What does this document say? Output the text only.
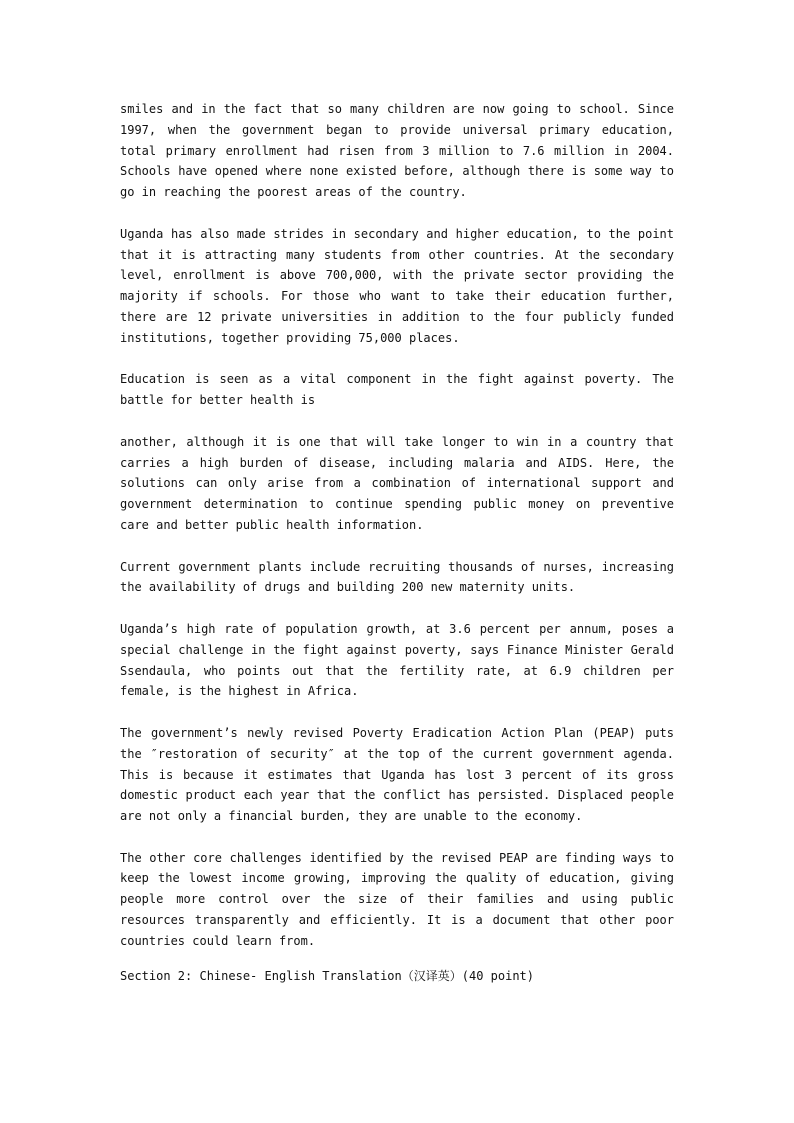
smiles and in the fact that so many children are now going to school. Since 1997, when the government began to provide universal primary education, total primary enrollment had risen from 3 million to 7.6 million in 2004. Schools have opened where none existed before, although there is some way to go in reaching the poorest areas of the country.

Uganda has also made strides in secondary and higher education, to the point that it is attracting many students from other countries. At the secondary level, enrollment is above 700,000, with the private sector providing the majority if schools. For those who want to take their education further, there are 12 private universities in addition to the four publicly funded institutions, together providing 75,000 places.

Education is seen as a vital component in the fight against poverty. The battle for better health is

another, although it is one that will take longer to win in a country that carries a high burden of disease, including malaria and AIDS. Here, the solutions can only arise from a combination of international support and government determination to continue spending public money on preventive care and better public health information.

Current government plants include recruiting thousands of nurses, increasing the availability of drugs and building 200 new maternity units.

Uganda’s high rate of population growth, at 3.6 percent per annum, poses a special challenge in the fight against poverty, says Finance Minister Gerald Ssendaula, who points out that the fertility rate, at 6.9 children per female, is the highest in Africa.

The government’s newly revised Poverty Eradication Action Plan (PEAP) puts the ″restoration of security″ at the top of the current government agenda. This is because it estimates that Uganda has lost 3 percent of its gross domestic product each year that the conflict has persisted. Displaced people are not only a financial burden, they are unable to the economy.

The other core challenges identified by the revised PEAP are finding ways to keep the lowest income growing, improving the quality of education, giving people more control over the size of their families and using public resources transparently and efficiently. It is a document that other poor countries could learn from.

Section 2: Chinese- English Translation（汉译英）(40 point)
